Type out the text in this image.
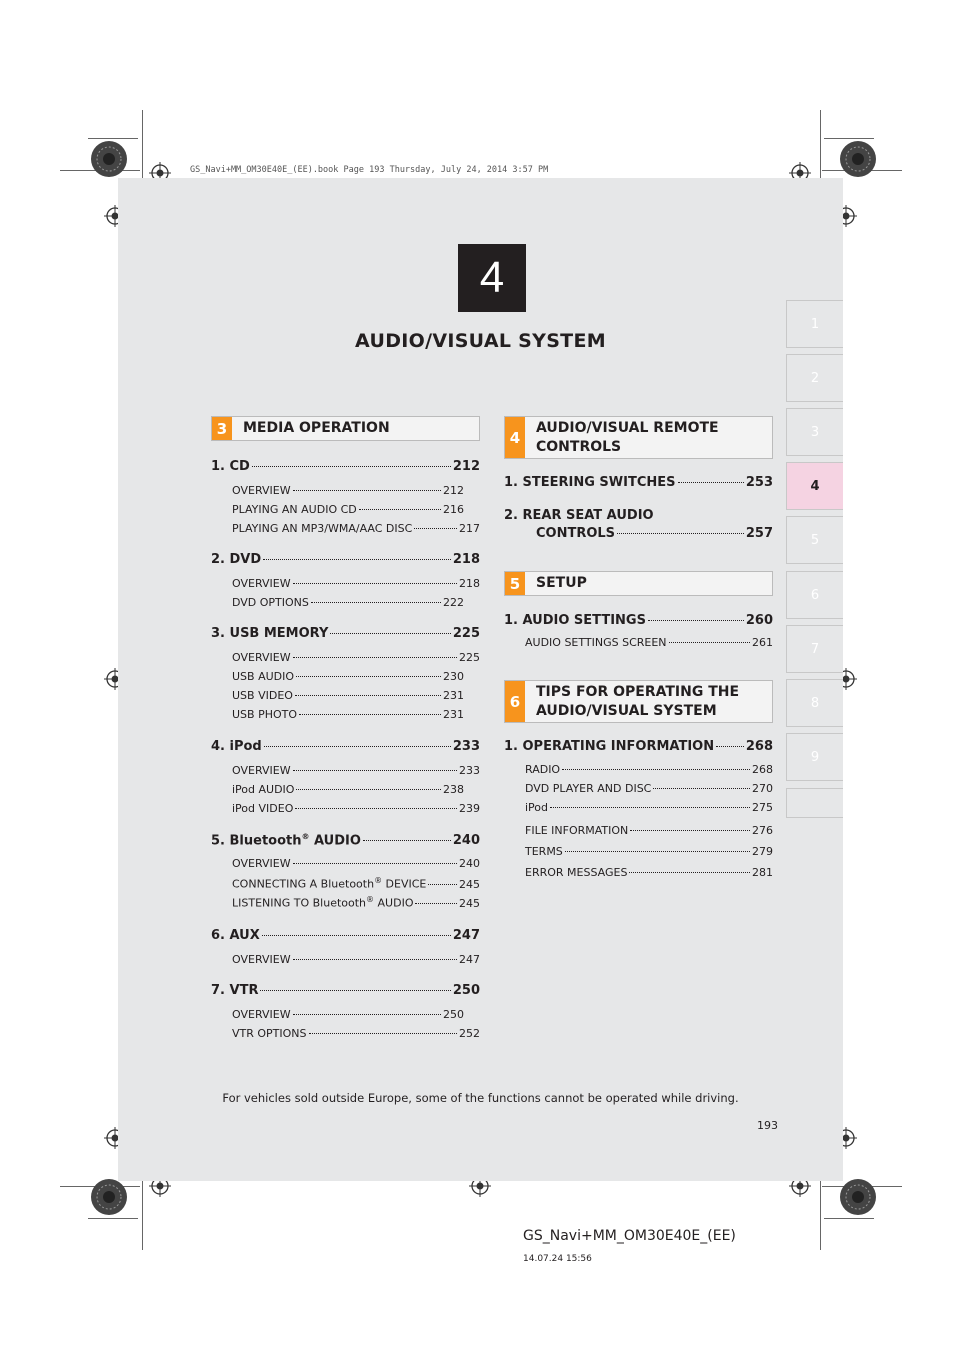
GS_Navi+MM_OM30E40E_(EE).book Page 193 Thursday, July 24, 2014 3:57 PM
4
AUDIO/VISUAL SYSTEM
1
2
3
4
5
6
7
8
9
3	MEDIA OPERATION
1. CD	212
OVERVIEW	212
PLAYING AN AUDIO CD	216
PLAYING AN MP3/WMA/AAC DISC	217
2. DVD	218
OVERVIEW	218
DVD OPTIONS	222
3. USB MEMORY	225
OVERVIEW	225
USB AUDIO	230
USB VIDEO	231
USB PHOTO	231
4. iPod	233
OVERVIEW	233
iPod AUDIO	238
iPod VIDEO	239
5. Bluetooth® AUDIO	240
OVERVIEW	240
CONNECTING A Bluetooth® DEVICE	245
LISTENING TO Bluetooth® AUDIO	245
6. AUX	247
OVERVIEW	247
7. VTR	250
OVERVIEW	250
VTR OPTIONS	252
4
AUDIO/VISUAL REMOTE
CONTROLS
1. STEERING SWITCHES	253
2. REAR SEAT AUDIO
CONTROLS	257
5	SETUP
1. AUDIO SETTINGS	260
AUDIO SETTINGS SCREEN	261
6
TIPS FOR OPERATING THE
AUDIO/VISUAL SYSTEM
1. OPERATING INFORMATION 268
RADIO	268
DVD PLAYER AND DISC	270
iPod	275
FILE INFORMATION	276
TERMS	279
ERROR MESSAGES	281
For vehicles sold outside Europe, some of the functions cannot be operated while driving.
193
GS_Navi+MM_OM30E40E_(EE)
14.07.24 15:56
